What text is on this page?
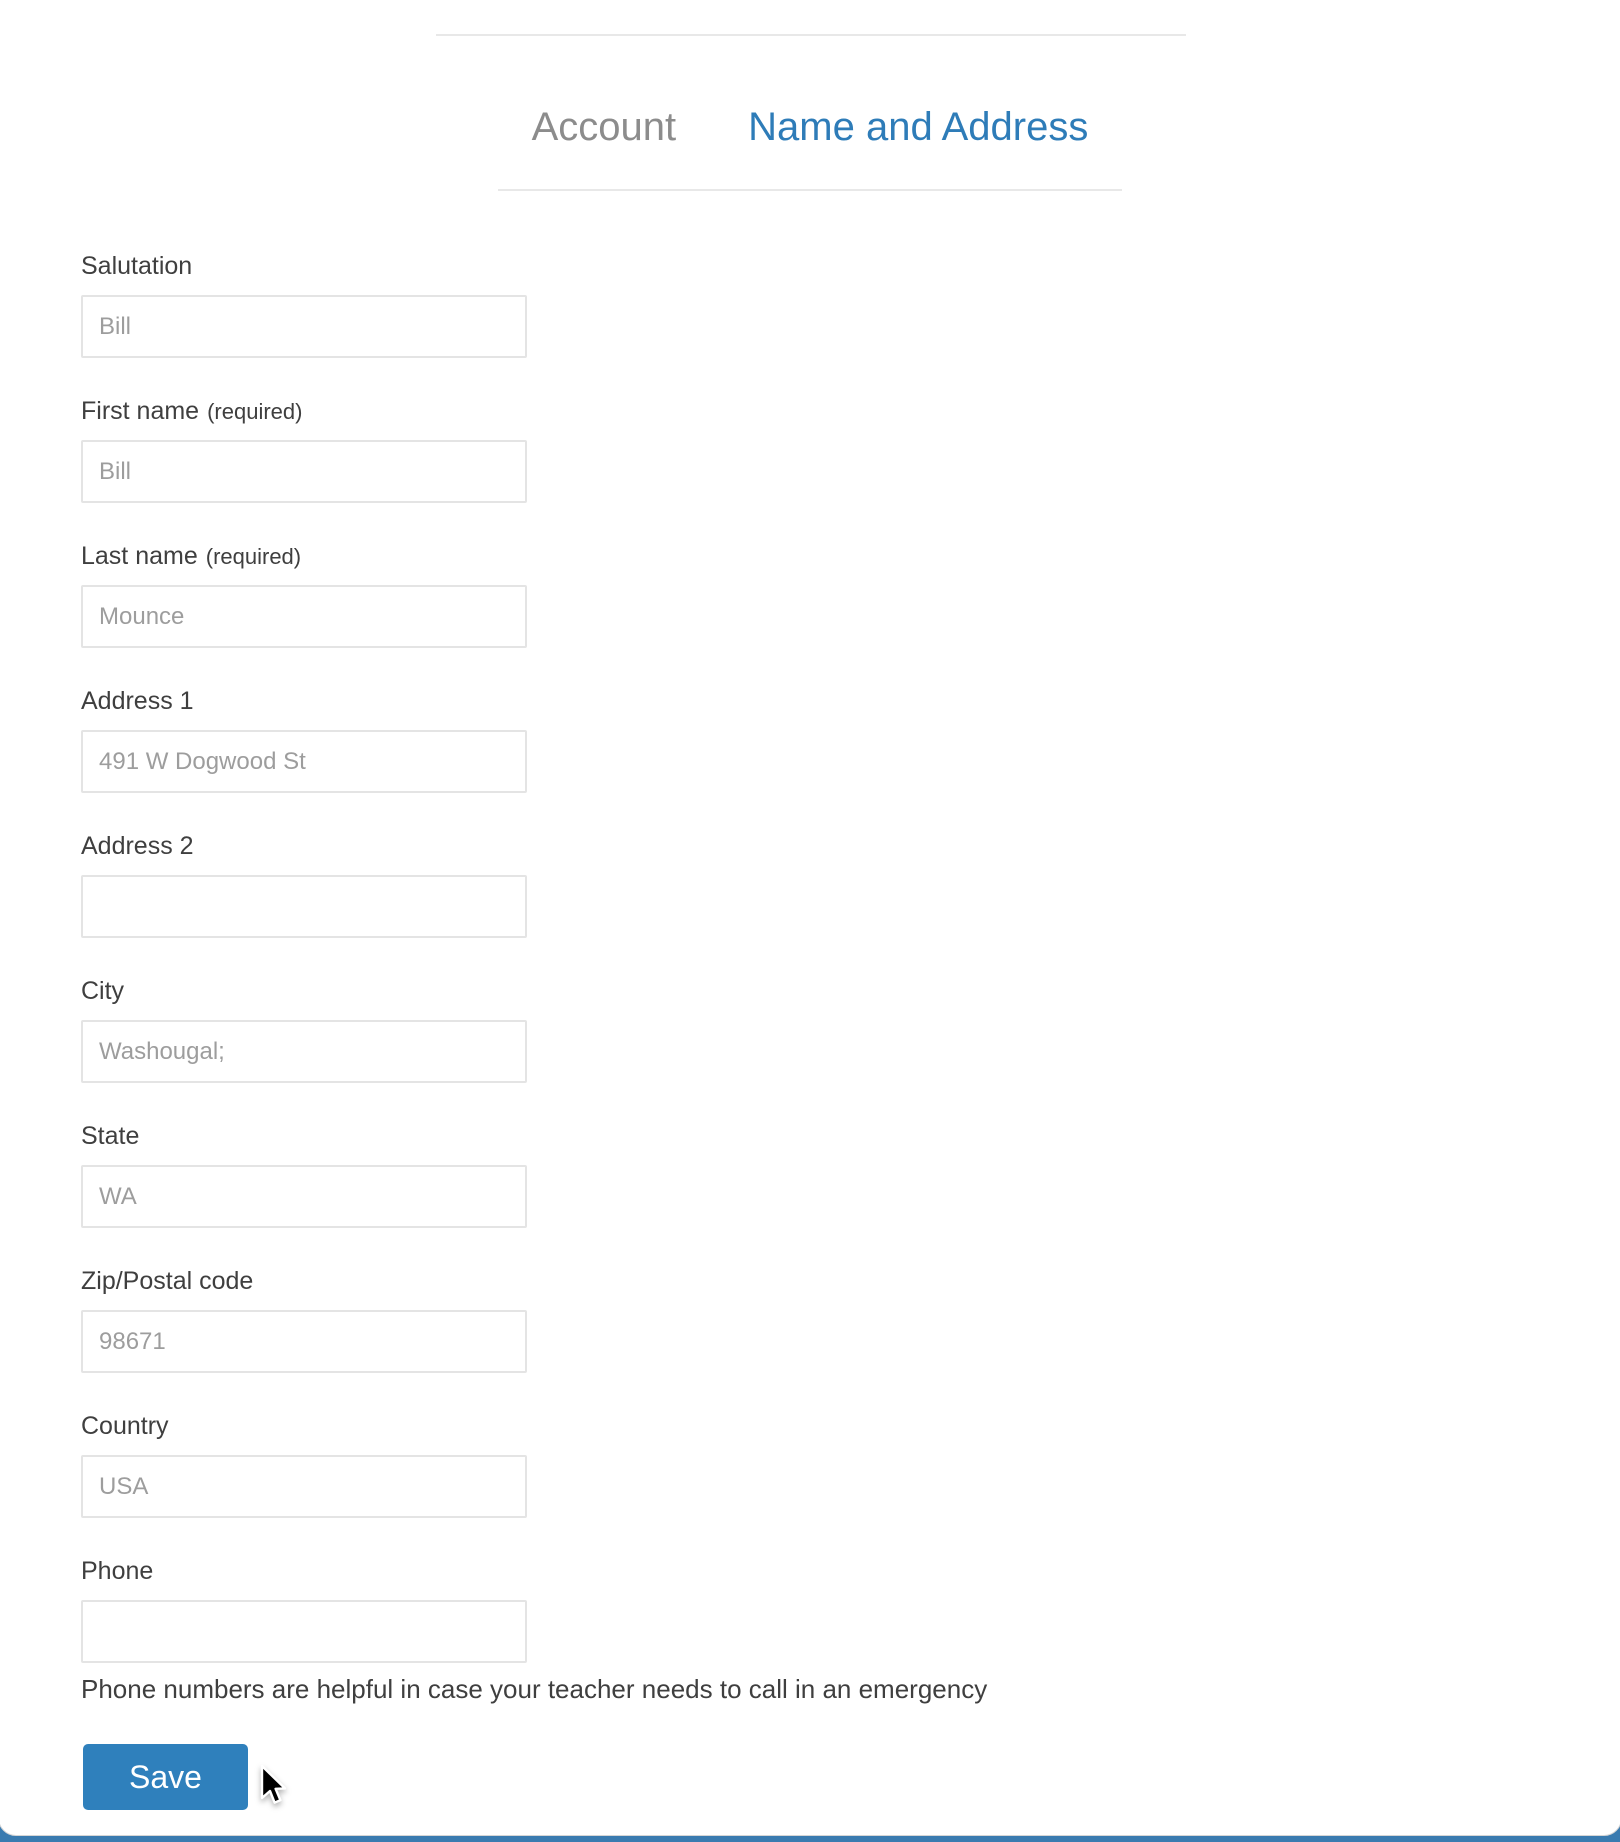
Account Name and Address
Salutation
Bill
First name (required)
Bill
Last name (required)
Mounce
Address 1
491 W Dogwood St
Address 2
City
Washougal;
State
WA
Zip/Postal code
98671
Country
USA
Phone

Phone numbers are helpful in case your teacher needs to call in an emergency

Save
